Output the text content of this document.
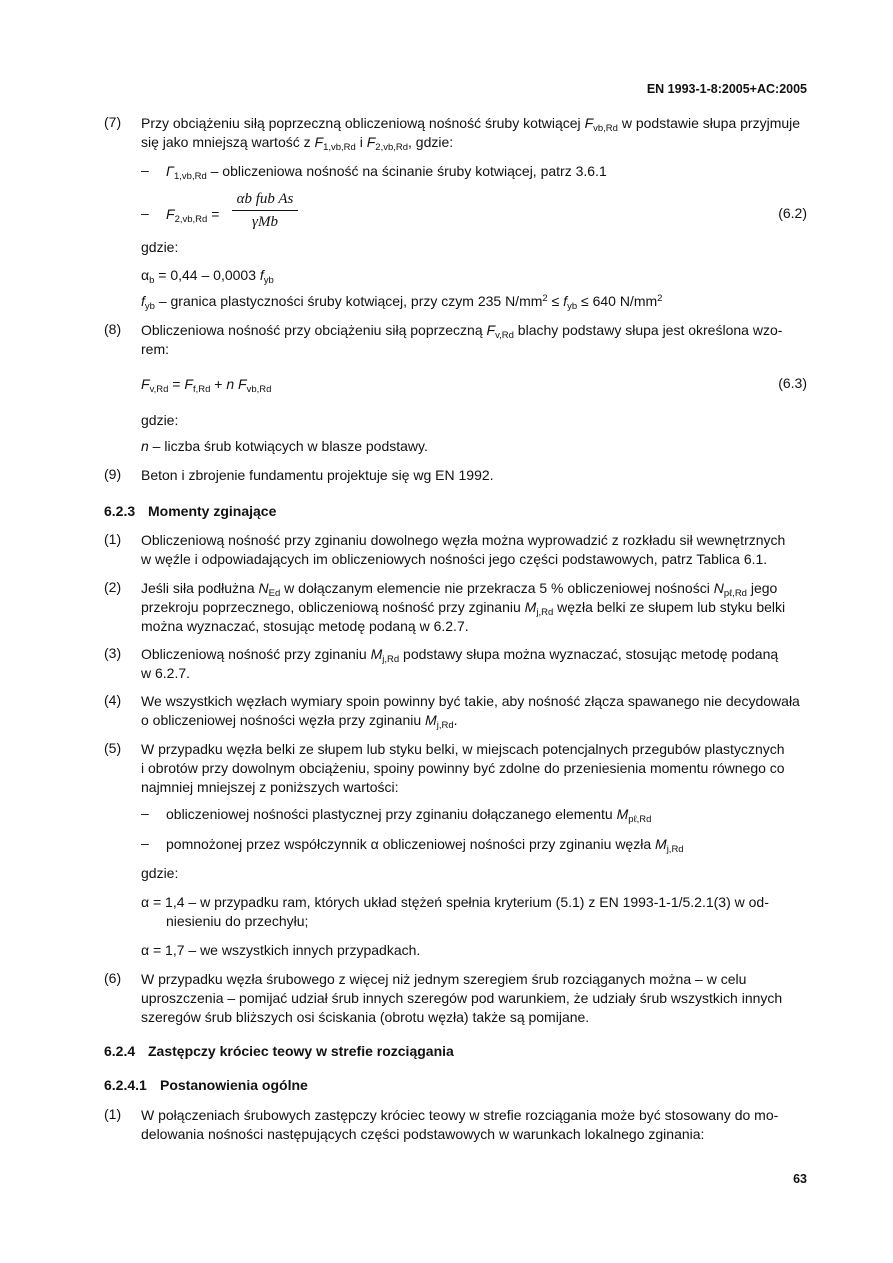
EN 1993-1-8:2005+AC:2005
(7) Przy obciążeniu siłą poprzeczną obliczeniową nośność śruby kotwiącej $F_{vb,Rd}$ w podstawie słupa przyjmuje
się jako mniejszą wartość z $F_{1,vb,Rd}$ i $F_{2,vb,Rd}$, gdzie:
– $\Gamma_{1,vb,Rd}$ – obliczeniowa nośność na ścinanie śruby kotwiącej, patrz 3.6.1
– $F_{2,vb,Rd}$ =
αb fub As
γMb
(6.2)
gdzie:
$\alpha_b = 0,44 - 0,0003$ $f_{yb}$
$f_{yb}$ – granica plastyczności śruby kotwiącej, przy czym 235 $N/mm^2 \le f_{yb} \le 640$ $N/mm^2$
(8) Obliczeniowa nośność przy obciążeniu siłą poprzeczną $F_{v,Rd}$ blachy podstawy słupa jest określona wzo-
rem:
$F_{v,Rd} = F_{f,Rd} + n$ $F_{vb,Rd}$	(6.3)
gdzie:
n – liczba śrub kotwiących w blasze podstawy.
(9) Beton i zbrojenie fundamentu projektuje się wg EN 1992.
6.2.3 Momenty zginające
(1) Obliczeniową nośność przy zginaniu dowolnego węzła można wyprowadzić z rozkładu sił wewnętrznych
w węźle i odpowiadających im obliczeniowych nośności jego części podstawowych, patrz Tablica 6.1.
(2) Jeśli siła podłużna $N_{Ed}$ w dołączanym elemencie nie przekracza 5 % obliczeniowej nośności $N_{p\ell,Rd}$ jego
przekroju poprzecznego, obliczeniową nośność przy zginaniu $M_{j,Rd}$ węzła belki ze słupem lub styku belki
można wyznaczać, stosując metodę podaną w 6.2.7.
(3) Obliczeniową nośność przy zginaniu $M_{j,Rd}$ podstawy słupa można wyznaczać, stosując metodę podaną
w 6.2.7.
(4) We wszystkich węzłach wymiary spoin powinny być takie, aby nośność złącza spawanego nie decydowała
o obliczeniowej nośności węzła przy zginaniu $M_{j,Rd}$.
(5) W przypadku węzła belki ze słupem lub styku belki, w miejscach potencjalnych przegubów plastycznych
i obrotów przy dowolnym obciążeniu, spoiny powinny być zdolne do przeniesienia momentu równego co
najmniej mniejszej z poniższych wartości:
– obliczeniowej nośności plastycznej przy zginaniu dołączanego elementu $M_{p\ell,Rd}$
– pomnożonej przez współczynnik α obliczeniowej nośności przy zginaniu węzła $M_{j,Rd}$
gdzie:
α = 1,4 – w przypadku ram, których układ stężeń spełnia kryterium (5.1) z EN 1993-1-1/5.2.1(3) w od-
niesieniu do przechyłu;
α = 1,7 – we wszystkich innych przypadkach.
(6) W przypadku węzła śrubowego z więcej niż jednym szeregiem śrub rozciąganych można – w celu
uproszczenia – pomijać udział śrub innych szeregów pod warunkiem, że udziały śrub wszystkich innych
szeregów śrub bliższych osi ściskania (obrotu węzła) także są pomijane.
6.2.4 Zastępczy króciec teowy w strefie rozciągania
6.2.4.1 Postanowienia ogólne
(1) W połączeniach śrubowych zastępczy króciec teowy w strefie rozciągania może być stosowany do mo-
delowania nośności następujących części podstawowych w warunkach lokalnego zginania:
63
